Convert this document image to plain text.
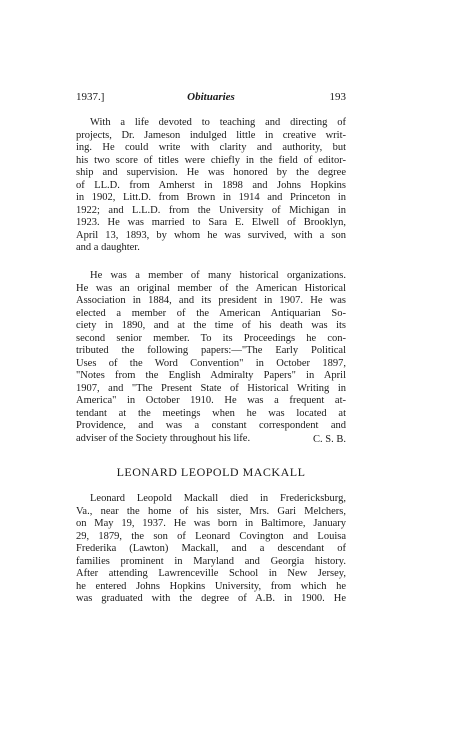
1937.]	Obituaries	193
With a life devoted to teaching and directing of
projects, Dr. Jameson indulged little in creative writ-
ing. He could write with clarity and authority, but
his two score of titles were chiefly in the field of editor-
ship and supervision. He was honored by the degree
of LL.D. from Amherst in 1898 and Johns Hopkins
in 1902, Litt.D. from Brown in 1914 and Princeton in
1922; and L.L.D. from the University of Michigan in
1923. He was married to Sara E. Elwell of Brooklyn,
April 13, 1893, by whom he was survived, with a son
and a daughter.
He was a member of many historical organizations.
He was an original member of the American Historical
Association in 1884, and its president in 1907. He was
elected a member of the American Antiquarian So-
ciety in 1890, and at the time of his death was its
second senior member. To its Proceedings he con-
tributed the following papers:—"The Early Political
Uses of the Word Convention" in October 1897,
"Notes from the English Admiralty Papers" in April
1907, and "The Present State of Historical Writing in
America" in October 1910. He was a frequent at-
tendant at the meetings when he was located at
Providence, and was a constant correspondent and
adviser of the Society throughout his life.	C. S. B.
LEONARD LEOPOLD MACKALL
Leonard Leopold Mackall died in Fredericksburg,
Va., near the home of his sister, Mrs. Gari Melchers,
on May 19, 1937. He was born in Baltimore, January
29, 1879, the son of Leonard Covington and Louisa
Frederika (Lawton) Mackall, and a descendant of
families prominent in Maryland and Georgia history.
After attending Lawrenceville School in New Jersey,
he entered Johns Hopkins University, from which he
was graduated with the degree of A.B. in 1900. He
